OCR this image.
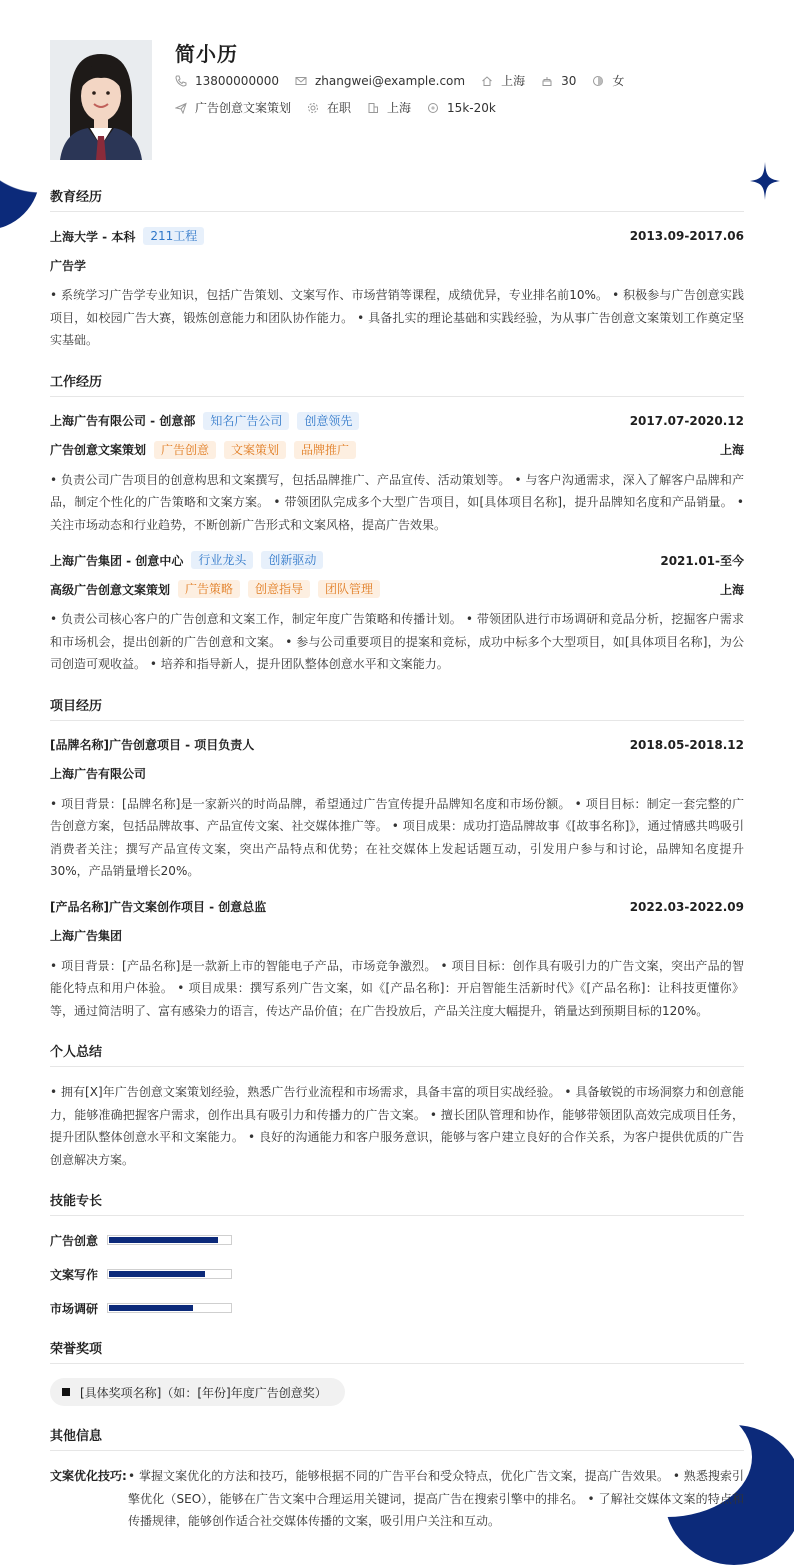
简小历
13800000000	zhangwei@example.com	上海	30	女
广告创意文案策划	在职	上海	15k-20k
教育经历
上海大学 - 本科	211工程	2013.09-2017.06
广告学
• 系统学习广告学专业知识，包括广告策划、文案写作、市场营销等课程，成绩优异，专业排名前10%。 • 积极参与广告创意实践项目，如校园广告大赛，锻炼创意能力和团队协作能力。 • 具备扎实的理论基础和实践经验，为从事广告创意文案策划工作奠定坚实基础。
工作经历
上海广告有限公司 - 创意部	知名广告公司	创意领先	2017.07-2020.12
广告创意文案策划	广告创意	文案策划	品牌推广	上海
• 负责公司广告项目的创意构思和文案撰写，包括品牌推广、产品宣传、活动策划等。 • 与客户沟通需求，深入了解客户品牌和产品，制定个性化的广告策略和文案方案。 • 带领团队完成多个大型广告项目，如[具体项目名称]，提升品牌知名度和产品销量。 • 关注市场动态和行业趋势，不断创新广告形式和文案风格，提高广告效果。
上海广告集团 - 创意中心	行业龙头	创新驱动	2021.01-至今
高级广告创意文案策划	广告策略	创意指导	团队管理	上海
• 负责公司核心客户的广告创意和文案工作，制定年度广告策略和传播计划。 • 带领团队进行市场调研和竞品分析，挖掘客户需求和市场机会，提出创新的广告创意和文案。 • 参与公司重要项目的提案和竞标，成功中标多个大型项目，如[具体项目名称]，为公司创造可观收益。 • 培养和指导新人，提升团队整体创意水平和文案能力。
项目经历
[品牌名称]广告创意项目 - 项目负责人	2018.05-2018.12
上海广告有限公司
• 项目背景：[品牌名称]是一家新兴的时尚品牌，希望通过广告宣传提升品牌知名度和市场份额。 • 项目目标：制定一套完整的广告创意方案，包括品牌故事、产品宣传文案、社交媒体推广等。 • 项目成果：成功打造品牌故事《[故事名称]》，通过情感共鸣吸引消费者关注；撰写产品宣传文案，突出产品特点和优势；在社交媒体上发起话题互动，引发用户参与和讨论，品牌知名度提升30%，产品销量增长20%。
[产品名称]广告文案创作项目 - 创意总监	2022.03-2022.09
上海广告集团
• 项目背景：[产品名称]是一款新上市的智能电子产品，市场竞争激烈。 • 项目目标：创作具有吸引力的广告文案，突出产品的智能化特点和用户体验。 • 项目成果：撰写系列广告文案，如《[产品名称]：开启智能生活新时代》《[产品名称]：让科技更懂你》等，通过简洁明了、富有感染力的语言，传达产品价值；在广告投放后，产品关注度大幅提升，销量达到预期目标的120%。
个人总结
• 拥有[X]年广告创意文案策划经验，熟悉广告行业流程和市场需求，具备丰富的项目实战经验。 • 具备敏锐的市场洞察力和创意能力，能够准确把握客户需求，创作出具有吸引力和传播力的广告文案。 • 擅长团队管理和协作，能够带领团队高效完成项目任务，提升团队整体创意水平和文案能力。 • 良好的沟通能力和客户服务意识，能够与客户建立良好的合作关系，为客户提供优质的广告创意解决方案。
技能专长
广告创意
文案写作
市场调研
荣誉奖项
[具体奖项名称]（如：[年份]年度广告创意奖）
其他信息
文案优化技巧: • 掌握文案优化的方法和技巧，能够根据不同的广告平台和受众特点，优化广告文案，提高广告效果。 • 熟悉搜索引擎优化（SEO），能够在广告文案中合理运用关键词，提高广告在搜索引擎中的排名。 • 了解社交媒体文案的特点和传播规律，能够创作适合社交媒体传播的文案，吸引用户关注和互动。
